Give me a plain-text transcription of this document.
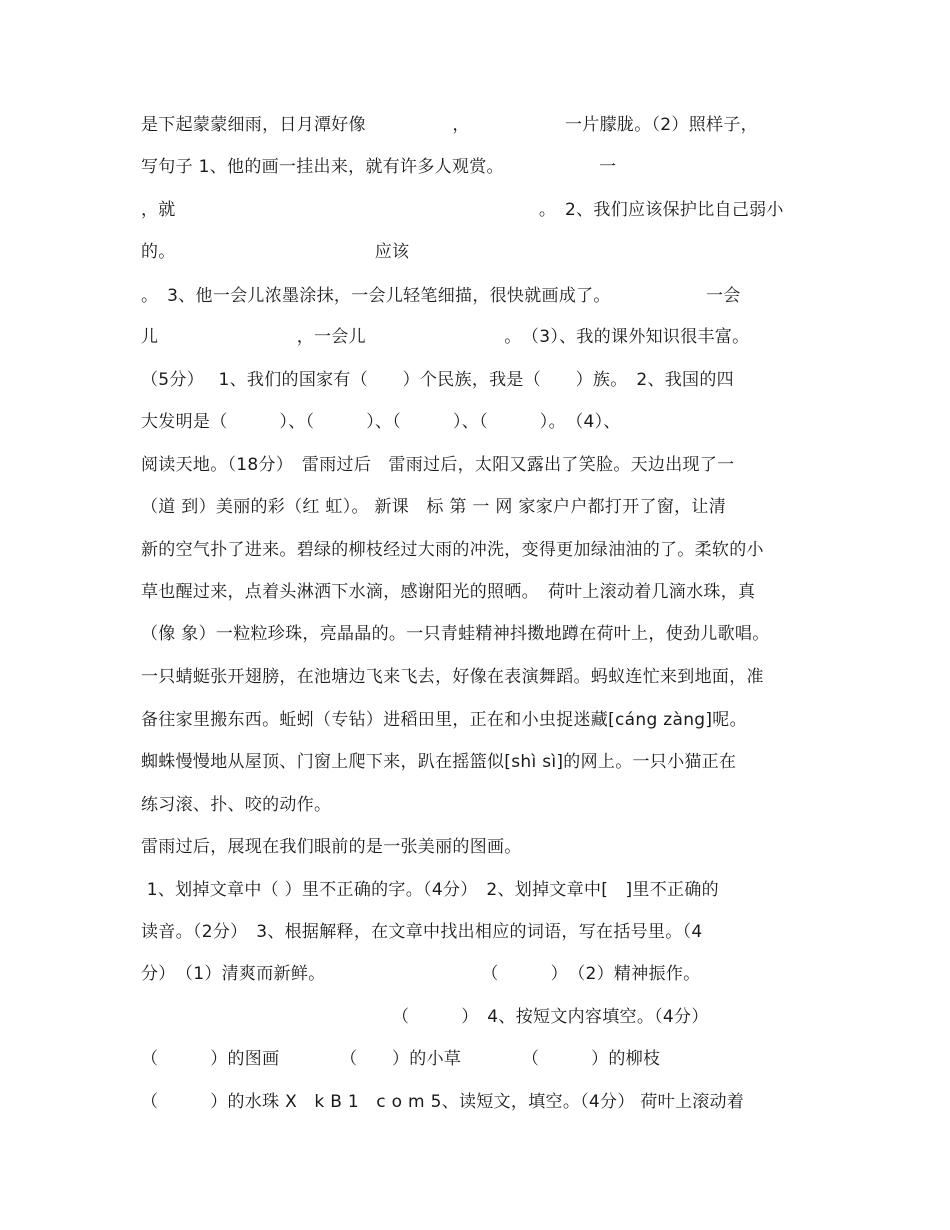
是下起蒙蒙细雨，日月潭好像　　　　　，　　　　　　一片朦胧。（2）照样子，
写句子 1、他的画一挂出来，就有许多人观赏。　　　　　　一
，就　　　　　　　　　　　　　　　　　　　　　。　2、我们应该保护比自己弱小
的。　　　　　　　　　　　　应该
。　3、他一会儿浓墨涂抹，一会儿轻笔细描，很快就画成了。　　　　　　一会
儿　　　　　　　　，一会儿　　　　　　　　。　（3）、我的课外知识很丰富。
（5分）　 1、我们的国家有（　　）个民族，我是（　　）族。　2、我国的四
大发明是（　　　）、（　　　）、（　　　）、（　　　）。　（4）、
阅读天地。（18分）　雷雨过后　雷雨过后，太阳又露出了笑脸。天边出现了一
（道 到）美丽的彩（红 虹）。 新课　标 第 一 网 家家户户都打开了窗，让清
新的空气扑了进来。碧绿的柳枝经过大雨的冲洗，变得更加绿油油的了。柔软的小
草也醒过来，点着头淋洒下水滴，感谢阳光的照晒。　荷叶上滚动着几滴水珠，真
（像 象）一粒粒珍珠，亮晶晶的。一只青蛙精神抖擞地蹲在荷叶上，使劲儿歌唱。
一只蜻蜓张开翅膀，在池塘边飞来飞去，好像在表演舞蹈。蚂蚁连忙来到地面，准
备往家里搬东西。蚯蚓（专钻）进稻田里，正在和小虫捉迷藏[cáng zàng]呢。
蜘蛛慢慢地从屋顶、门窗上爬下来，趴在摇篮似[shì sì]的网上。一只小猫正在
练习滚、扑、咬的动作。
雷雨过后，展现在我们眼前的是一张美丽的图画。
1、划掉文章中（ ）里不正确的字。（4分）　2、划掉文章中[　]里不正确的
读音。（2分）　3、根据解释，在文章中找出相应的词语，写在括号里。（4
分）　（1）清爽而新鲜。　　　　　　　　　　（　　　）　（2）精神振作。
　　　　　　　　　　　　　　　（　　　）　4、按短文内容填空。（4分）
（　　　）的图画　　　　（　　）的小草　　　　（　　　）的柳枝
（　　　）的水珠 X　k B 1　c o m 5、读短文，填空。（4分） 荷叶上滚动着
